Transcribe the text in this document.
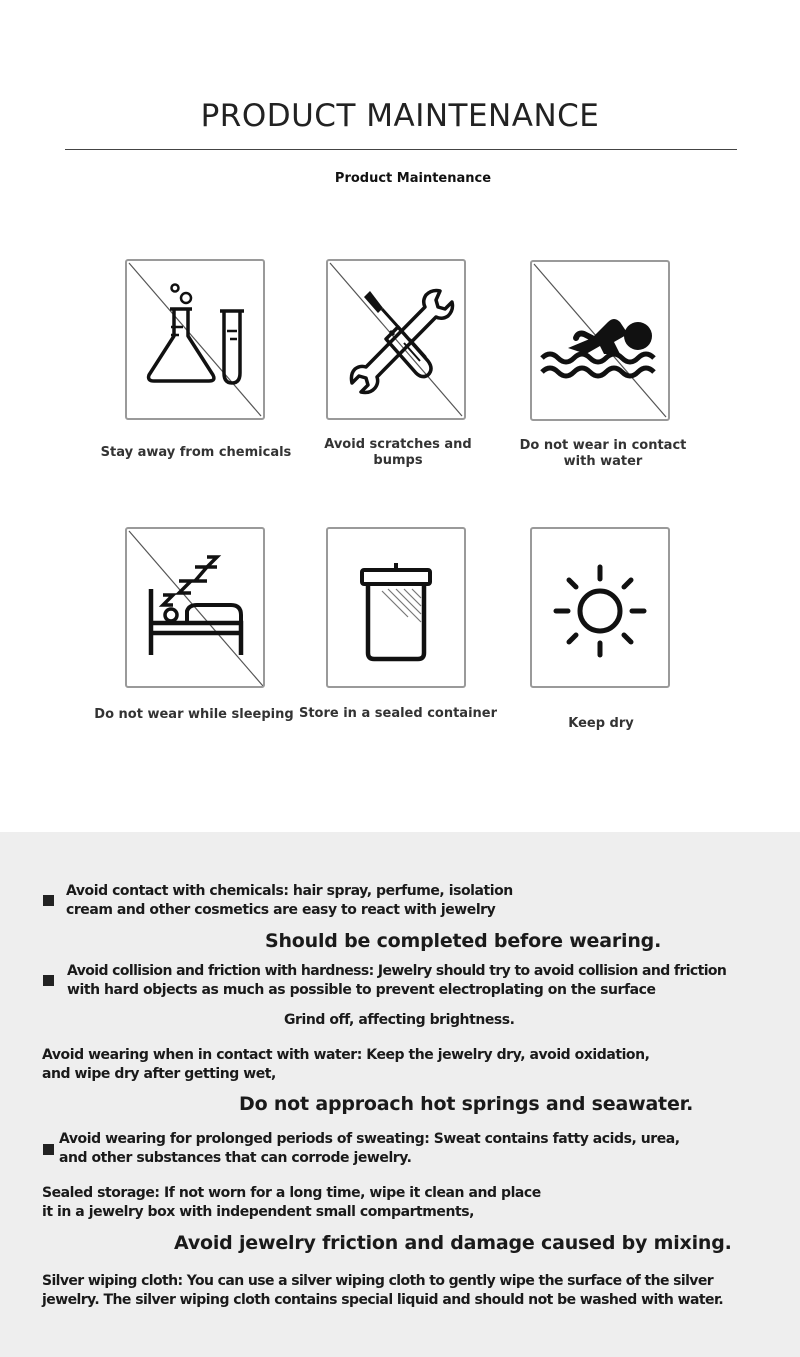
PRODUCT MAINTENANCE
Product Maintenance
Stay away from chemicals
Avoid scratches and bumps
Do not wear in contact with water
Do not wear while sleeping Store in a sealed container
Keep dry
Avoid contact with chemicals: hair spray, perfume, isolation
cream and other cosmetics are easy to react with jewelry
Should be completed before wearing.
Avoid collision and friction with hardness: Jewelry should try to avoid collision and friction
with hard objects as much as possible to prevent electroplating on the surface
Grind off, affecting brightness.
Avoid wearing when in contact with water: Keep the jewelry dry, avoid oxidation,
and wipe dry after getting wet,
Do not approach hot springs and seawater.
Avoid wearing for prolonged periods of sweating: Sweat contains fatty acids, urea,
and other substances that can corrode jewelry.
Sealed storage: If not worn for a long time, wipe it clean and place
it in a jewelry box with independent small compartments,
Avoid jewelry friction and damage caused by mixing.
Silver wiping cloth: You can use a silver wiping cloth to gently wipe the surface of the silver
jewelry. The silver wiping cloth contains special liquid and should not be washed with water.
